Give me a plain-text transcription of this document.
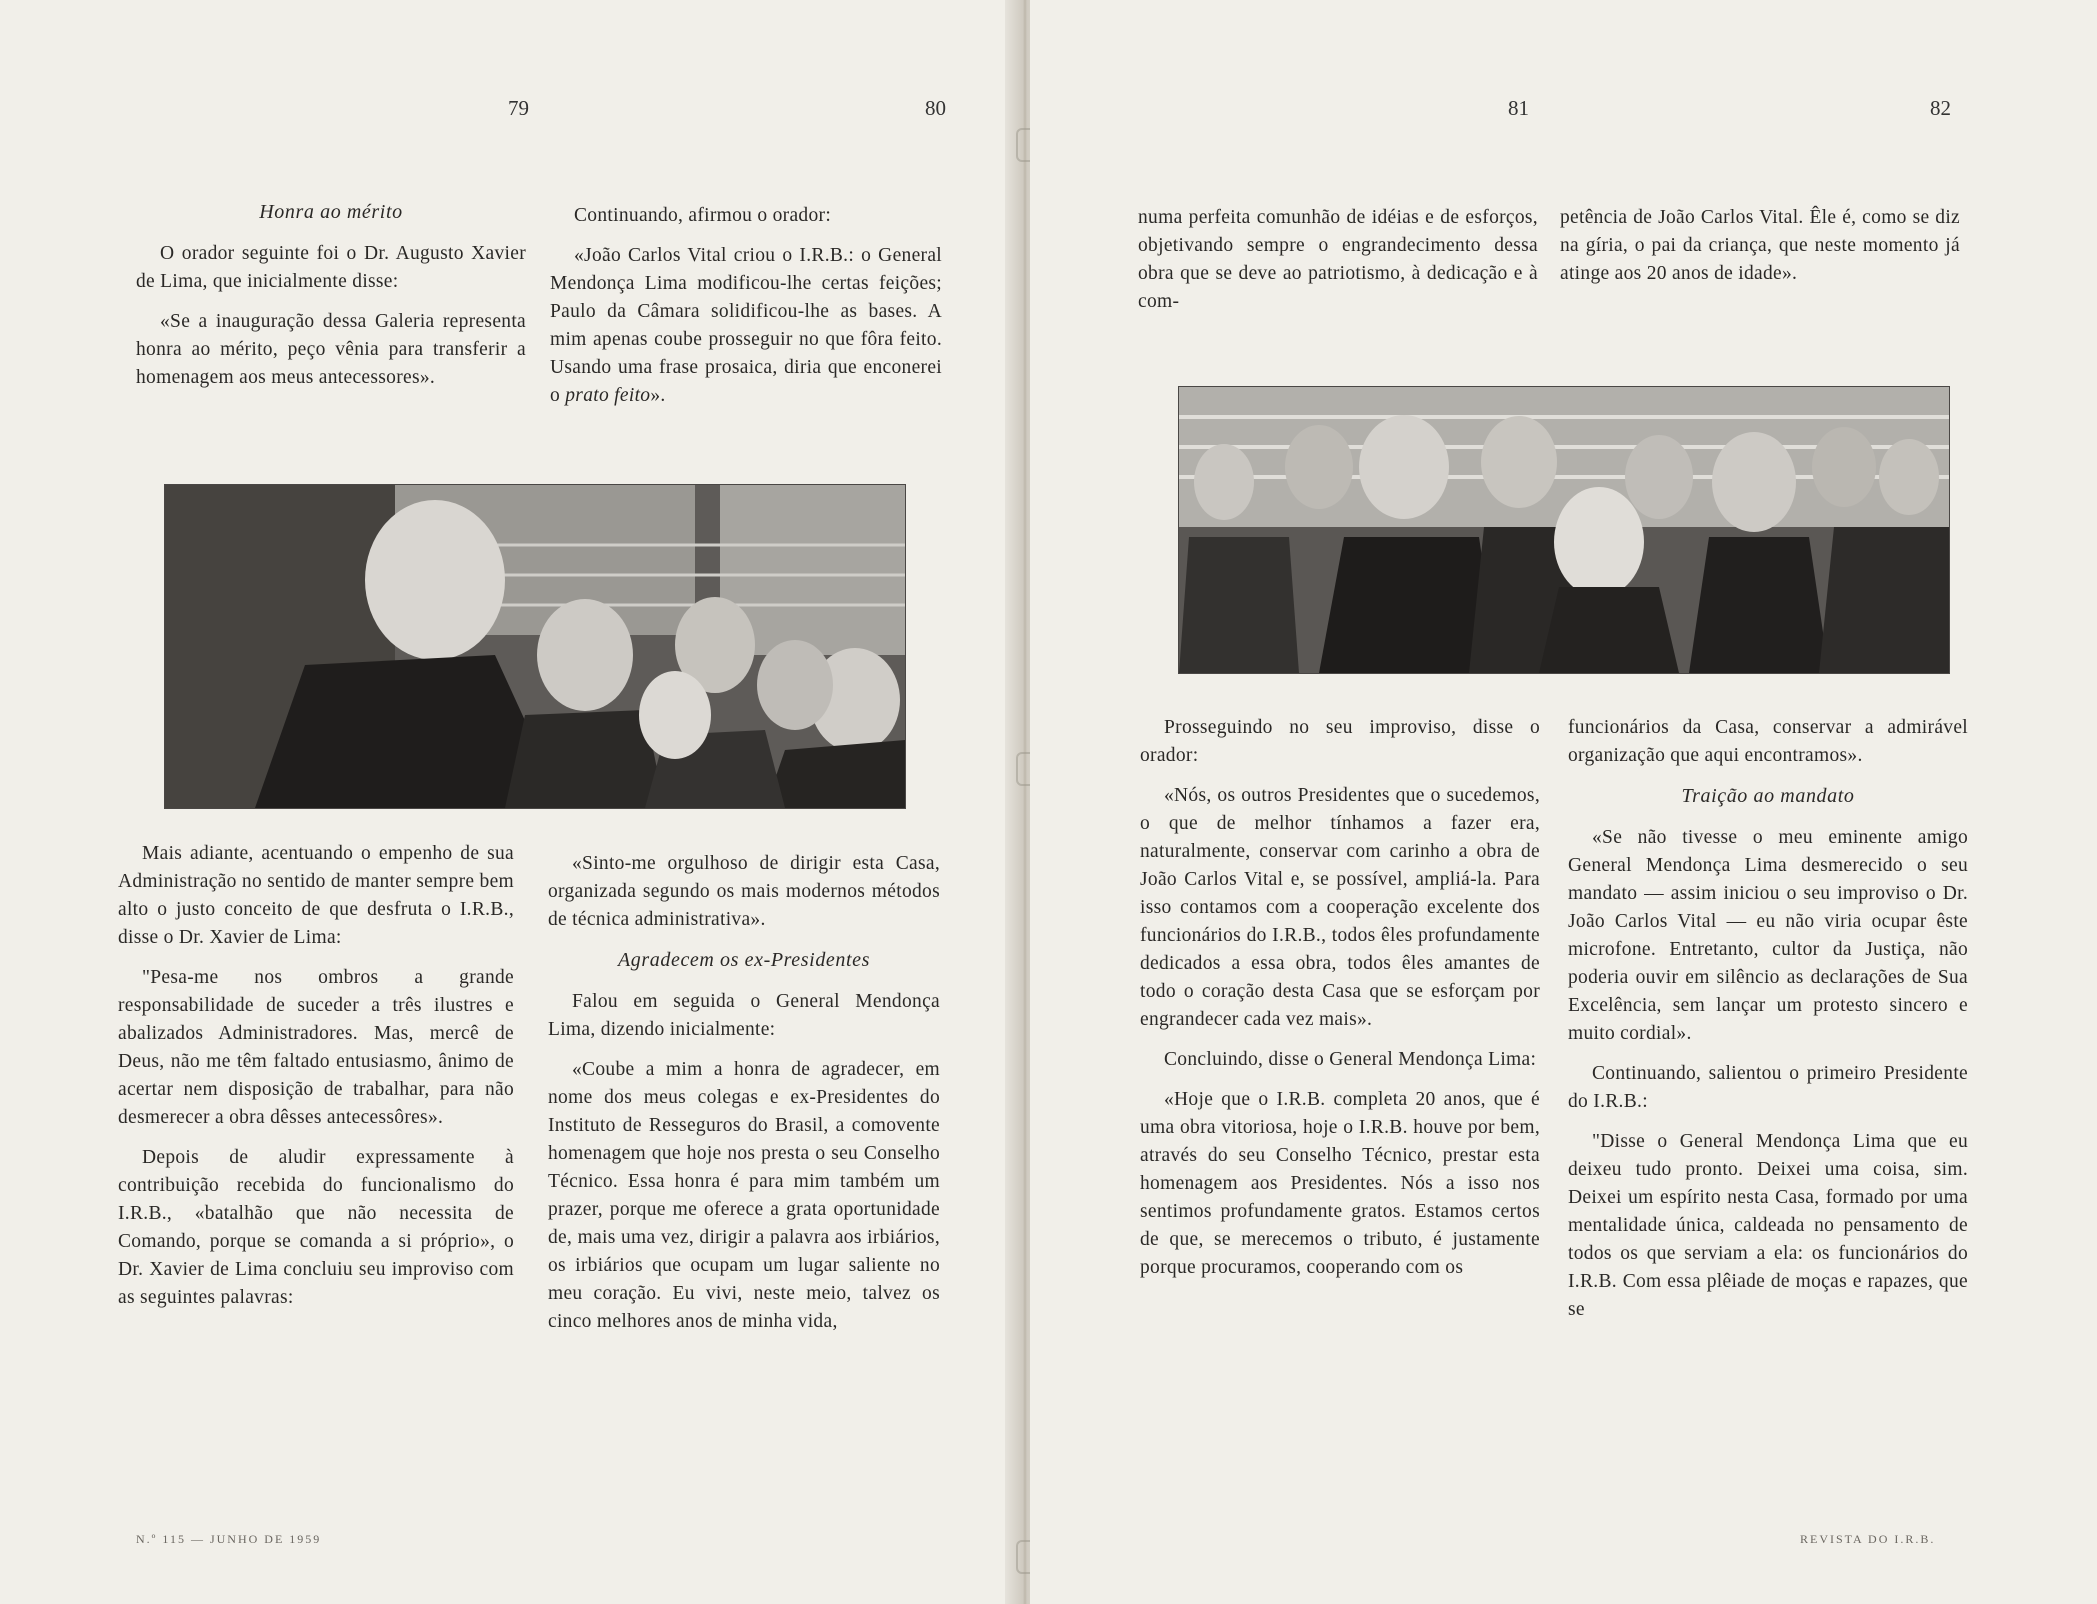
79	80
Honra ao mérito

O orador seguinte foi o Dr. Augusto Xavier de Lima, que inicialmente disse:

«Se a inauguração dessa Galeria representa honra ao mérito, peço vênia para transferir a homenagem aos meus antecessores».

Continuando, afirmou o orador:

«João Carlos Vital criou o I.R.B.: o General Mendonça Lima modificou-lhe certas feições; Paulo da Câmara solidificou-lhe as bases. A mim apenas coube prosseguir no que fôra feito. Usando uma frase prosaica, diria que enconerei o prato feito».

Mais adiante, acentuando o empenho de sua Administração no sentido de manter sempre bem alto o justo conceito de que desfruta o I.R.B., disse o Dr. Xavier de Lima:

"Pesa-me nos ombros a grande responsabilidade de suceder a três ilustres e abalizados Administradores. Mas, mercê de Deus, não me têm faltado entusiasmo, ânimo de acertar nem disposição de trabalhar, para não desmerecer a obra dêsses antecessôres».

Depois de aludir expressamente à contribuição recebida do funcionalismo do I.R.B., «batalhão que não necessita de Comando, porque se comanda a si próprio», o Dr. Xavier de Lima concluiu seu improviso com as seguintes palavras:

«Sinto-me orgulhoso de dirigir esta Casa, organizada segundo os mais modernos métodos de técnica administrativa».

Agradecem os ex-Presidentes

Falou em seguida o General Mendonça Lima, dizendo inicialmente:

«Coube a mim a honra de agradecer, em nome dos meus colegas e ex-Presidentes do Instituto de Resseguros do Brasil, a comovente homenagem que hoje nos presta o seu Conselho Técnico. Essa honra é para mim também um prazer, porque me oferece a grata oportunidade de, mais uma vez, dirigir a palavra aos irbiários, os irbiários que ocupam um lugar saliente no meu coração. Eu vivi, neste meio, talvez os cinco melhores anos de minha vida,

N.º 115 — JUNHO DE 1959
81	82

numa perfeita comunhão de idéias e de esforços, objetivando sempre o engrandecimento dessa obra que se deve ao patriotismo, à dedicação e à com-

petência de João Carlos Vital. Êle é, como se diz na gíria, o pai da criança, que neste momento já atinge aos 20 anos de idade».

Prosseguindo no seu improviso, disse o orador:

«Nós, os outros Presidentes que o sucedemos, o que de melhor tínhamos a fazer era, naturalmente, conservar com carinho a obra de João Carlos Vital e, se possível, ampliá-la. Para isso contamos com a cooperação excelente dos funcionários do I.R.B., todos êles profundamente dedicados a essa obra, todos êles amantes de todo o coração desta Casa que se esforçam por engrandecer cada vez mais».

Concluindo, disse o General Mendonça Lima:

«Hoje que o I.R.B. completa 20 anos, que é uma obra vitoriosa, hoje o I.R.B. houve por bem, através do seu Conselho Técnico, prestar esta homenagem aos Presidentes. Nós a isso nos sentimos profundamente gratos. Estamos certos de que, se merecemos o tributo, é justamente porque procuramos, cooperando com os

funcionários da Casa, conservar a admirável organização que aqui encontramos».

Traição ao mandato

«Se não tivesse o meu eminente amigo General Mendonça Lima desmerecido o seu mandato — assim iniciou o seu improviso o Dr. João Carlos Vital — eu não viria ocupar êste microfone. Entretanto, cultor da Justiça, não poderia ouvir em silêncio as declarações de Sua Excelência, sem lançar um protesto sincero e muito cordial».

Continuando, salientou o primeiro Presidente do I.R.B.:

"Disse o General Mendonça Lima que eu deixeu tudo pronto. Deixei uma coisa, sim. Deixei um espírito nesta Casa, formado por uma mentalidade única, caldeada no pensamento de todos os que serviam a ela: os funcionários do I.R.B. Com essa plêiade de moças e rapazes, que se

REVISTA DO I.R.B.
